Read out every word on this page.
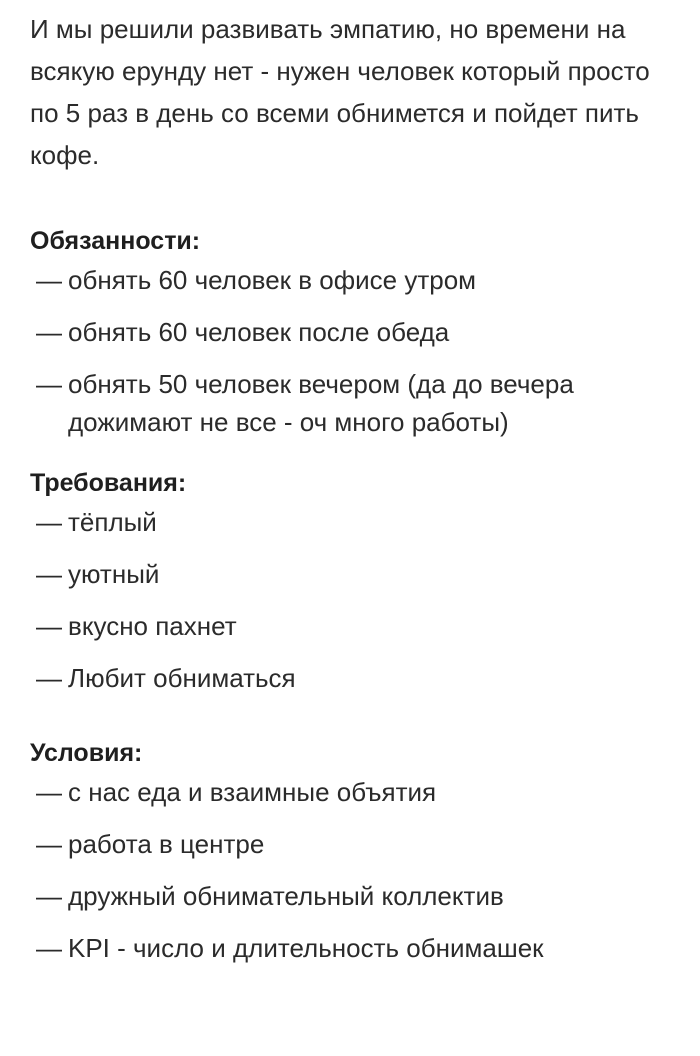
И мы решили развивать эмпатию, но времени на всякую ерунду нет - нужен человек который просто по 5 раз в день со всеми обнимется и пойдет пить кофе.

Обязанности:
— обнять 60 человек в офисе утром
— обнять 60 человек после обеда
— обнять 50 человек вечером (да до вечера дожимают не все - оч много работы)
Требования:
— тёплый
— уютный
— вкусно пахнет
— Любит обниматься
Условия:
— с нас еда и взаимные объятия
— работа в центре
— дружный обнимательный коллектив
— KPI - число и длительность обнимашек
